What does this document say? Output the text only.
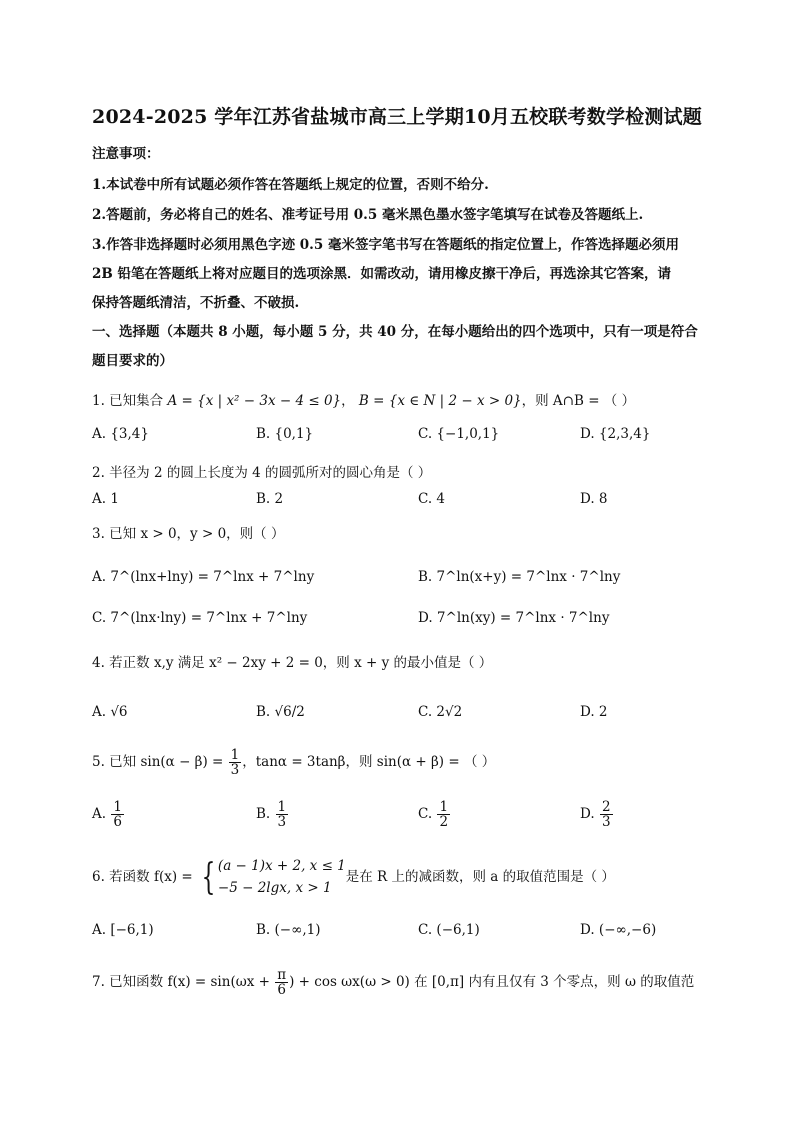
2024-2025 学年江苏省盐城市高三上学期10月五校联考数学检测试题
注意事项：
1.本试卷中所有试题必须作答在答题纸上规定的位置，否则不给分.
2.答题前，务必将自己的姓名、准考证号用 0.5 毫米黑色墨水签字笔填写在试卷及答题纸上.
3.作答非选择题时必须用黑色字迹 0.5 毫米签字笔书写在答题纸的指定位置上，作答选择题必须用
2B 铅笔在答题纸上将对应题目的选项涂黑．如需改动，请用橡皮擦干净后，再选涂其它答案，请
保持答题纸清洁，不折叠、不破损.
一、选择题（本题共 8 小题，每小题 5 分，共 40 分，在每小题给出的四个选项中，只有一项是符合
题目要求的）
1. 已知集合 A = {x | x² − 3x − 4 ≤ 0}， B = {x ∈ N | 2 − x > 0}，则 A∩B = （ ）
A. {3,4}	B. {0,1}	C. {−1,0,1}	D. {2,3,4}
2. 半径为 2 的圆上长度为 4 的圆弧所对的圆心角是（ ）
A. 1	B. 2	C. 4	D. 8
3. 已知 x > 0，y > 0，则（ ）
A. 7^(lnx+lny) = 7^lnx + 7^lny	B. 7^ln(x+y) = 7^lnx · 7^lny
C. 7^(lnx·lny) = 7^lnx + 7^lny	D. 7^ln(xy) = 7^lnx · 7^lny
4. 若正数 x,y 满足 x² − 2xy + 2 = 0，则 x + y 的最小值是（ ）
A. √6	B. √6/2	C. 2√2	D. 2
5. 已知 $\sin(\alpha - \beta) = \frac{1}{3}$ ，tanα = 3tanβ，则 sin(α + β) = （ ）
A. $\frac{1}{6}$	B. $\frac{1}{3}$	C. $\frac{1}{2}$	D. $\frac{2}{3}$
6. 若函数 f(x) = { (a − 1)x + 2, x ≤ 1
−5 − 2lgx, x > 1
是在 R 上的减函数，则 a 的取值范围是（ ）
A. [−6,1)	B. (−∞,1)	C. (−6,1)	D. (−∞,−6)
7. 已知函数 $f(x) = \sin(\omega x + \frac{\pi}{6}$ ) + cos ωx(ω > 0) 在 [0,π] 内有且仅有 3 个零点，则 ω 的取值范
